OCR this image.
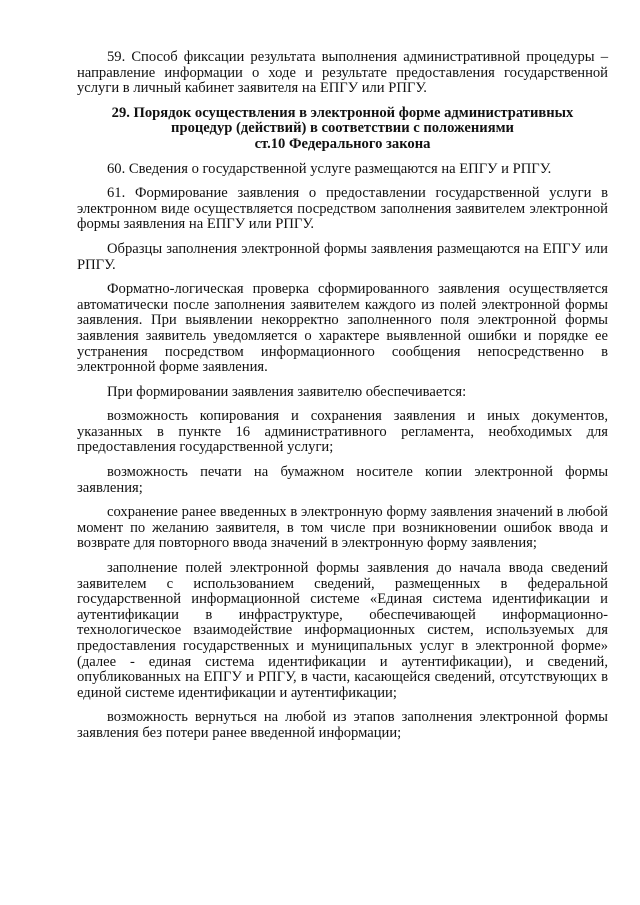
59. Способ фиксации результата выполнения административной процедуры – направление информации о ходе и результате предоставления государственной услуги в личный кабинет заявителя на ЕПГУ или РПГУ.

29. Порядок осуществления в электронной форме административных
процедур (действий) в соответствии с положениями
ст.10 Федерального закона

60. Сведения о государственной услуге размещаются на ЕПГУ и РПГУ.

61. Формирование заявления о предоставлении государственной услуги в электронном виде осуществляется посредством заполнения заявителем электронной формы заявления на ЕПГУ или РПГУ.

Образцы заполнения электронной формы заявления размещаются на ЕПГУ или РПГУ.

Форматно-логическая проверка сформированного заявления осуществляется автоматически после заполнения заявителем каждого из полей электронной формы заявления. При выявлении некорректно заполненного поля электронной формы заявления заявитель уведомляется о характере выявленной ошибки и порядке ее устранения посредством информационного сообщения непосредственно в электронной форме заявления.

При формировании заявления заявителю обеспечивается:

возможность копирования и сохранения заявления и иных документов, указанных в пункте 16 административного регламента, необходимых для предоставления государственной услуги;

возможность печати на бумажном носителе копии электронной формы заявления;

сохранение ранее введенных в электронную форму заявления значений в любой момент по желанию заявителя, в том числе при возникновении ошибок ввода и возврате для повторного ввода значений в электронную форму заявления;

заполнение полей электронной формы заявления до начала ввода сведений заявителем с использованием сведений, размещенных в федеральной государственной информационной системе «Единая система идентификации и аутентификации в инфраструктуре, обеспечивающей информационно-технологическое взаимодействие информационных систем, используемых для предоставления государственных и муниципальных услуг в электронной форме» (далее - единая система идентификации и аутентификации), и сведений, опубликованных на ЕПГУ и РПГУ, в части, касающейся сведений, отсутствующих в единой системе идентификации и аутентификации;

возможность вернуться на любой из этапов заполнения электронной формы заявления без потери ранее введенной информации;
